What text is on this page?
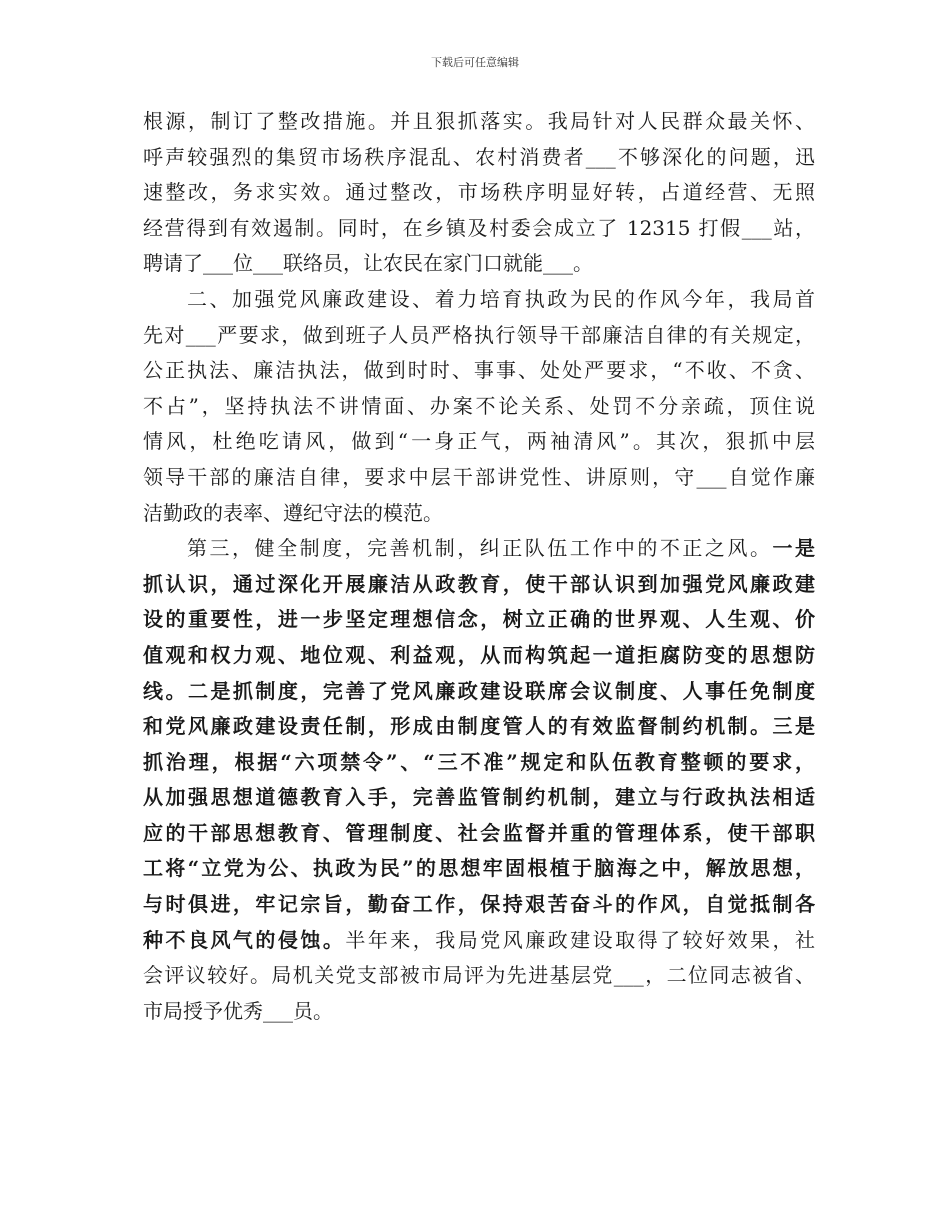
下载后可任意编辑
根源，制订了整改措施。并且狠抓落实。我局针对人民群众最关怀、
呼声较强烈的集贸市场秩序混乱、农村消费者___不够深化的问题，迅
速整改，务求实效。通过整改，市场秩序明显好转，占道经营、无照
经营得到有效遏制。同时，在乡镇及村委会成立了 12315 打假___站，
聘请了___位___联络员，让农民在家门口就能___。
二、加强党风廉政建设、着力培育执政为民的作风今年，我局首
先对___严要求，做到班子人员严格执行领导干部廉洁自律的有关规定，
公正执法、廉洁执法，做到时时、事事、处处严要求，“不收、不贪、
不占”，坚持执法不讲情面、办案不论关系、处罚不分亲疏，顶住说
情风，杜绝吃请风，做到“一身正气，两袖清风”。其次，狠抓中层
领导干部的廉洁自律，要求中层干部讲党性、讲原则，守___自觉作廉
洁勤政的表率、遵纪守法的模范。
第三，健全制度，完善机制，纠正队伍工作中的不正之风。一是
抓认识，通过深化开展廉洁从政教育，使干部认识到加强党风廉政建
设的重要性，进一步坚定理想信念，树立正确的世界观、人生观、价
值观和权力观、地位观、利益观，从而构筑起一道拒腐防变的思想防
线。二是抓制度，完善了党风廉政建设联席会议制度、人事任免制度
和党风廉政建设责任制，形成由制度管人的有效监督制约机制。三是
抓治理，根据“六项禁令”、“三不准”规定和队伍教育整顿的要求，
从加强思想道德教育入手，完善监管制约机制，建立与行政执法相适
应的干部思想教育、管理制度、社会监督并重的管理体系，使干部职
工将“立党为公、执政为民”的思想牢固根植于脑海之中，解放思想，
与时俱进，牢记宗旨，勤奋工作，保持艰苦奋斗的作风，自觉抵制各
种不良风气的侵蚀。半年来，我局党风廉政建设取得了较好效果，社
会评议较好。局机关党支部被市局评为先进基层党___，二位同志被省、
市局授予优秀___员。
